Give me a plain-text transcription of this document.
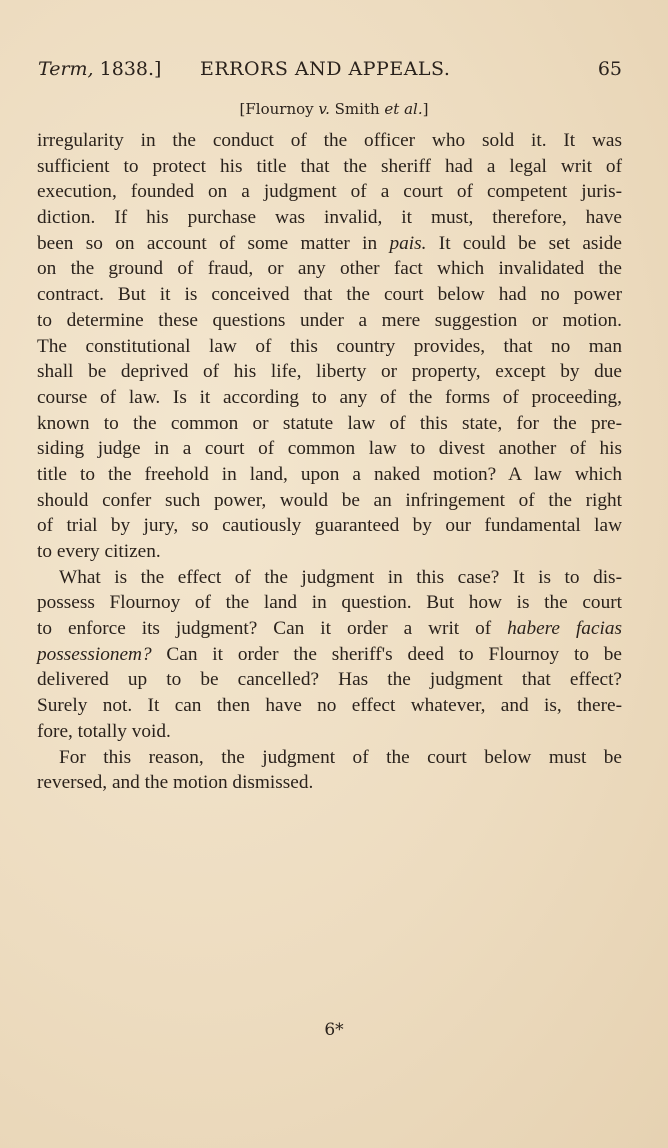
Term, 1838.] ERRORS AND APPEALS.	65
[Flournoy v. Smith et al.]
irregularity in the conduct of the officer who sold it. It was
sufficient to protect his title that the sheriff had a legal writ of
execution, founded on a judgment of a court of competent juris-
diction. If his purchase was invalid, it must, therefore, have
been so on account of some matter in pais. It could be set aside
on the ground of fraud, or any other fact which invalidated the
contract. But it is conceived that the court below had no power
to determine these questions under a mere suggestion or motion.
The constitutional law of this country provides, that no man
shall be deprived of his life, liberty or property, except by due
course of law. Is it according to any of the forms of proceeding,
known to the common or statute law of this state, for the pre-
siding judge in a court of common law to divest another of his
title to the freehold in land, upon a naked motion? A law which
should confer such power, would be an infringement of the right
of trial by jury, so cautiously guaranteed by our fundamental law
to every citizen.
What is the effect of the judgment in this case? It is to dis-
possess Flournoy of the land in question. But how is the court
to enforce its judgment? Can it order a writ of habere facias
possessionem? Can it order the sheriff's deed to Flournoy to be
delivered up to be cancelled? Has the judgment that effect?
Surely not. It can then have no effect whatever, and is, there-
fore, totally void.
For this reason, the judgment of the court below must be
reversed, and the motion dismissed.
6*
